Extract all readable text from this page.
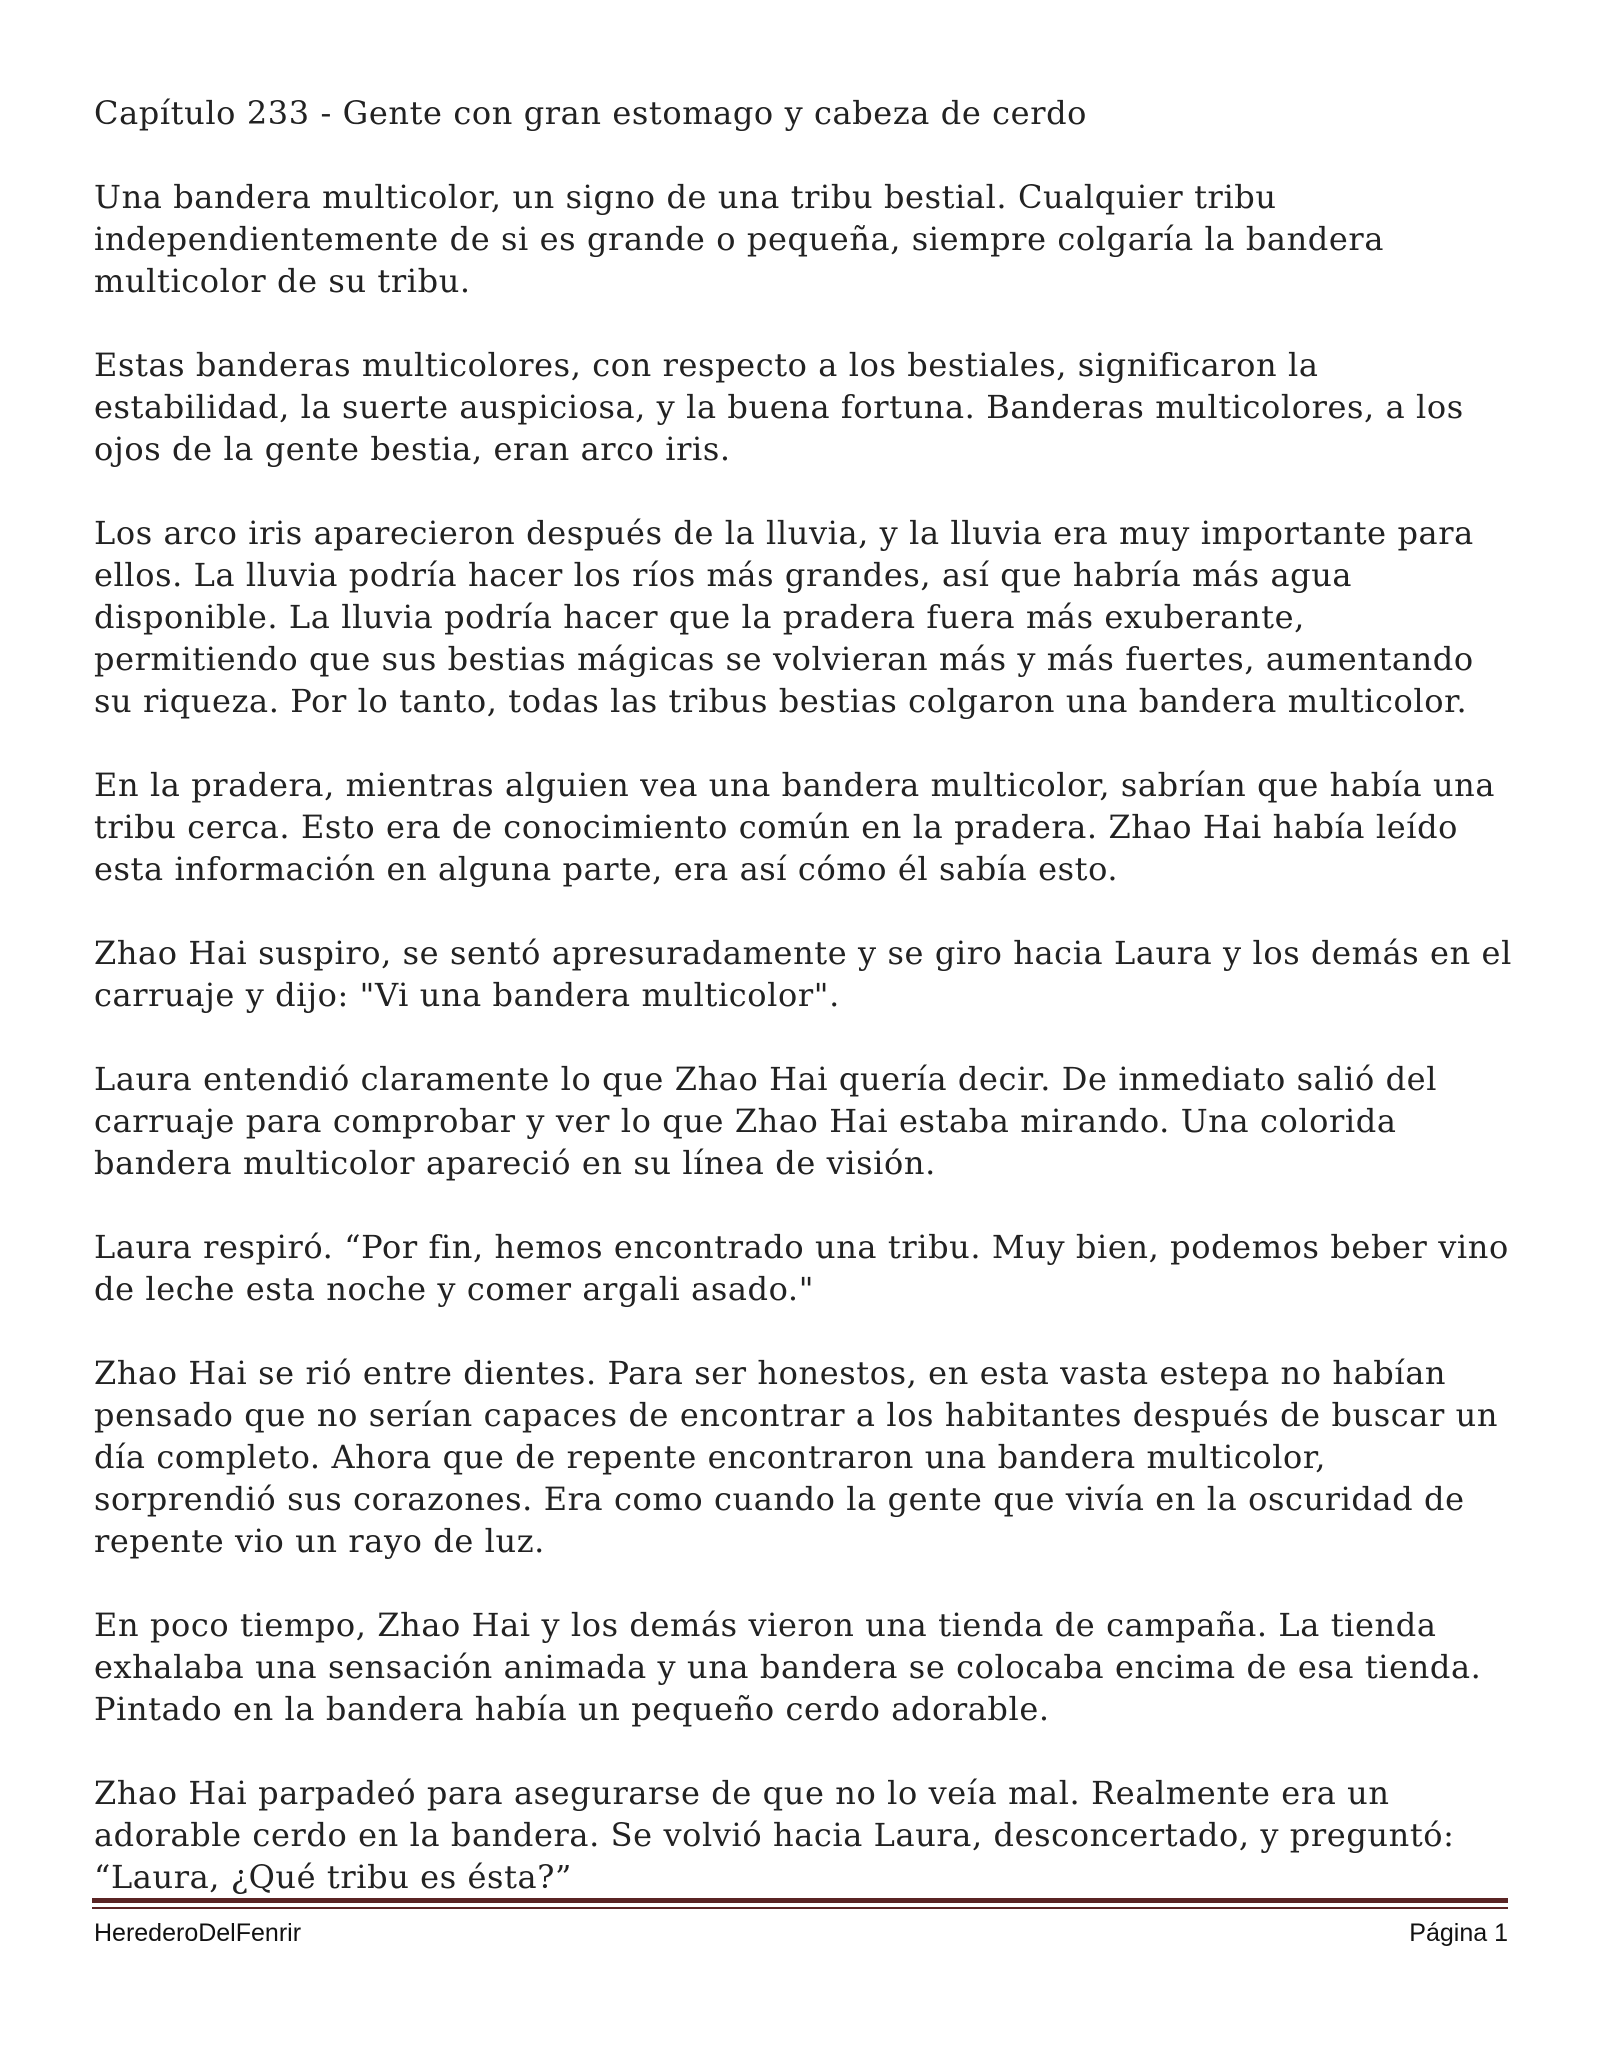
Capítulo 233 - Gente con gran estomago y cabeza de cerdo

Una bandera multicolor, un signo de una tribu bestial. Cualquier tribu independientemente de si es grande o pequeña, siempre colgaría la bandera multicolor de su tribu.

Estas banderas multicolores, con respecto a los bestiales, significaron la estabilidad, la suerte auspiciosa, y la buena fortuna. Banderas multicolores, a los ojos de la gente bestia, eran arco iris.

Los arco iris aparecieron después de la lluvia, y la lluvia era muy importante para ellos. La lluvia podría hacer los ríos más grandes, así que habría más agua disponible. La lluvia podría hacer que la pradera fuera más exuberante, permitiendo que sus bestias mágicas se volvieran más y más fuertes, aumentando su riqueza. Por lo tanto, todas las tribus bestias colgaron una bandera multicolor.

En la pradera, mientras alguien vea una bandera multicolor, sabrían que había una tribu cerca. Esto era de conocimiento común en la pradera. Zhao Hai había leído esta información en alguna parte, era así cómo él sabía esto.

Zhao Hai suspiro, se sentó apresuradamente y se giro hacia Laura y los demás en el carruaje y dijo: "Vi una bandera multicolor".

Laura entendió claramente lo que Zhao Hai quería decir. De inmediato salió del carruaje para comprobar y ver lo que Zhao Hai estaba mirando. Una colorida bandera multicolor apareció en su línea de visión.

Laura respiró. “Por fin, hemos encontrado una tribu. Muy bien, podemos beber vino de leche esta noche y comer argali asado."

Zhao Hai se rió entre dientes. Para ser honestos, en esta vasta estepa no habían pensado que no serían capaces de encontrar a los habitantes después de buscar un día completo. Ahora que de repente encontraron una bandera multicolor, sorprendió sus corazones. Era como cuando la gente que vivía en la oscuridad de repente vio un rayo de luz.

En poco tiempo, Zhao Hai y los demás vieron una tienda de campaña. La tienda exhalaba una sensación animada y una bandera se colocaba encima de esa tienda. Pintado en la bandera había un pequeño cerdo adorable.

Zhao Hai parpadeó para asegurarse de que no lo veía mal. Realmente era un adorable cerdo en la bandera. Se volvió hacia Laura, desconcertado, y preguntó: “Laura, ¿Qué tribu es ésta?”

HerederoDelFenrir	Página 1
